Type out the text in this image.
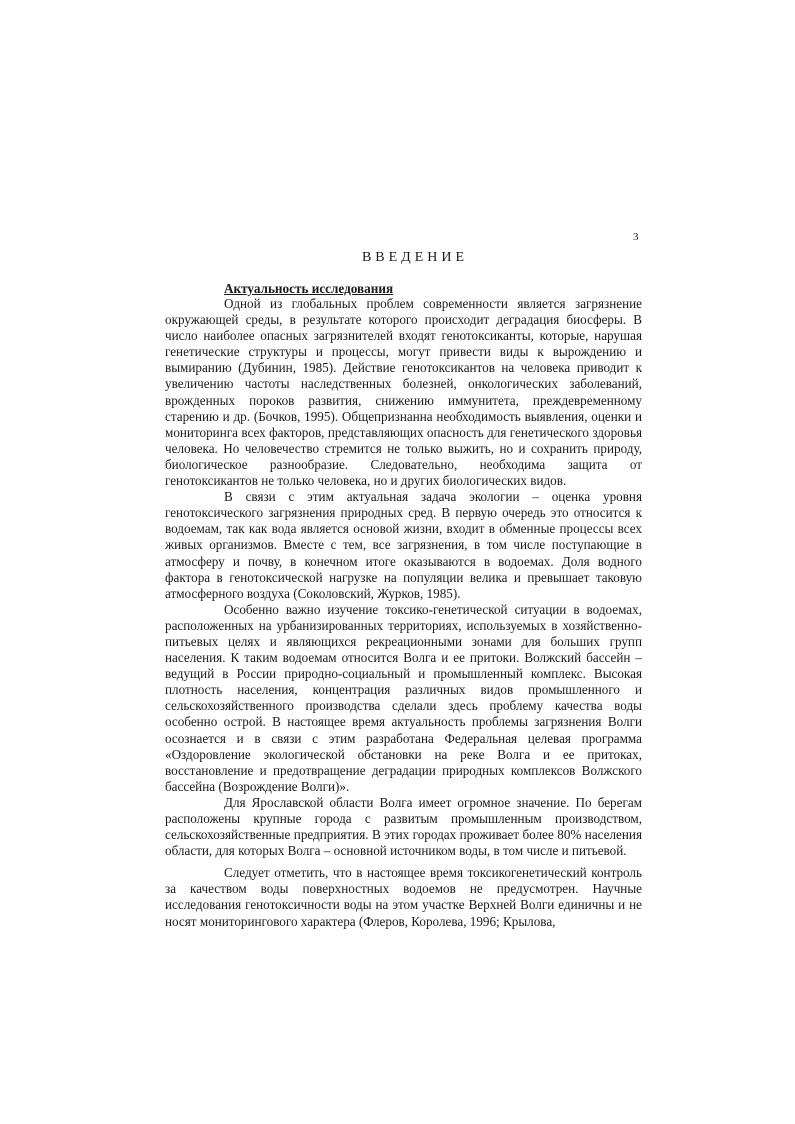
3
ВВЕДЕНИЕ
Актуальность исследования

Одной из глобальных проблем современности является загрязнение окружающей среды, в результате которого происходит деградация биосферы. В число наиболее опасных загрязнителей входят генотоксиканты, которые, нарушая генетические структуры и процессы, могут привести виды к вырождению и вымиранию (Дубинин, 1985). Действие генотоксикантов на человека приводит к увеличению частоты наследственных болезней, онкологических заболеваний, врожденных пороков развития, снижению иммунитета, преждевременному старению и др. (Бочков, 1995). Общепризнанна необходимость выявления, оценки и мониторинга всех факторов, представляющих опасность для генетического здоровья человека. Но человечество стремится не только выжить, но и сохранить природу, биологическое разнообразие. Следовательно, необходима защита от генотоксикантов не только человека, но и других биологических видов.

В связи с этим актуальная задача экологии – оценка уровня генотоксического загрязнения природных сред. В первую очередь это относится к водоемам, так как вода является основой жизни, входит в обменные процессы всех живых организмов. Вместе с тем, все загрязнения, в том числе поступающие в атмосферу и почву, в конечном итоге оказываются в водоемах. Доля водного фактора в генотоксической нагрузке на популяции велика и превышает таковую атмосферного воздуха (Соколовский, Журков, 1985).

Особенно важно изучение токсико-генетической ситуации в водоемах, расположенных на урбанизированных территориях, используемых в хозяйственно-питьевых целях и являющихся рекреационными зонами для больших групп населения. К таким водоемам относится Волга и ее притоки. Волжский бассейн – ведущий в России природно-социальный и промышленный комплекс. Высокая плотность населения, концентрация различных видов промышленного и сельскохозяйственного производства сделали здесь проблему качества воды особенно острой. В настоящее время актуальность проблемы загрязнения Волги осознается и в связи с этим разработана Федеральная целевая программа «Оздоровление экологической обстановки на реке Волга и ее притоках, восстановление и предотвращение деградации природных комплексов Волжского бассейна (Возрождение Волги)».

Для Ярославской области Волга имеет огромное значение. По берегам расположены крупные города с развитым промышленным производством, сельскохозяйственные предприятия. В этих городах проживает более 80% населения области, для которых Волга – основной источником воды, в том числе и питьевой.

Следует отметить, что в настоящее время токсикогенетический контроль за качеством воды поверхностных водоемов не предусмотрен. Научные исследования генотоксичности воды на этом участке Верхней Волги единичны и не носят мониторингового характера (Флеров, Королева, 1996; Крылова,
